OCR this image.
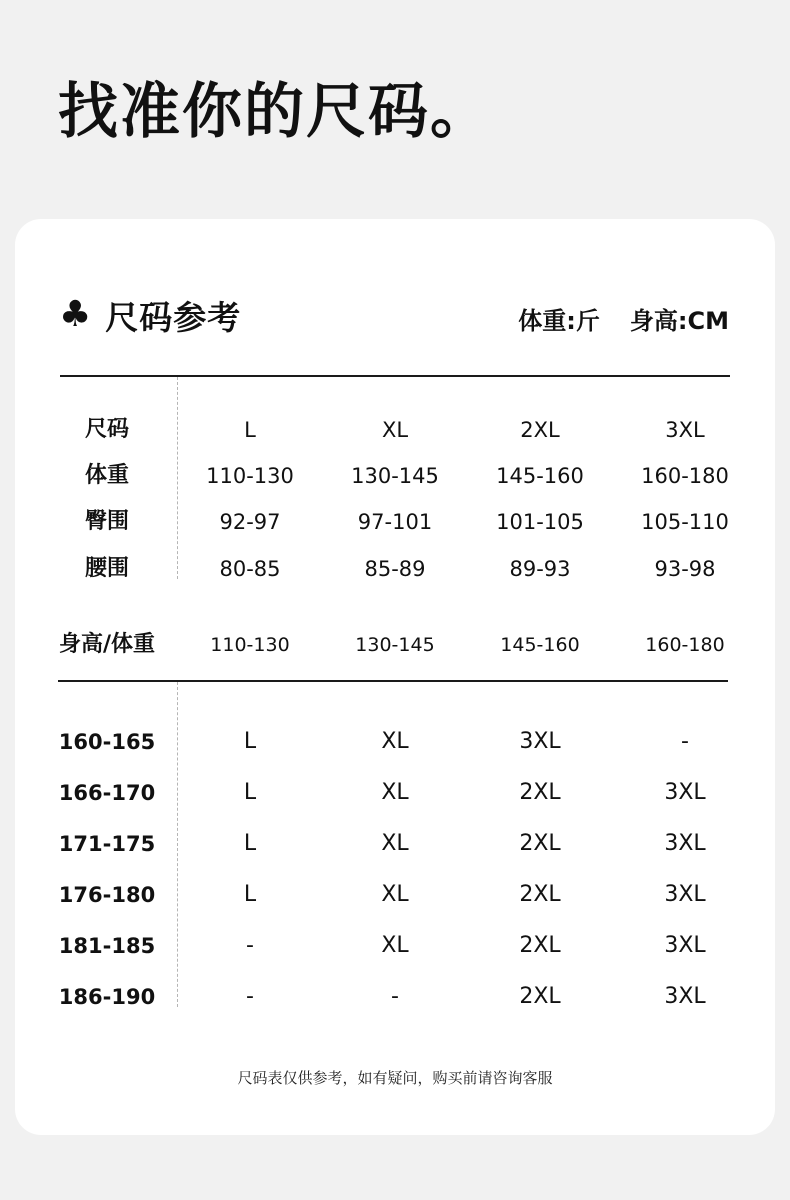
找准你的尺码。
♣ 尺码参考	体重:斤 身高:CM
尺码	L	XL	2XL	3XL
体重	110-130	130-145	145-160	160-180
臀围	92-97	97-101	101-105	105-110
腰围	80-85	85-89	89-93	93-98
身高/体重	110-130	130-145	145-160	160-180
160-165	L	XL	3XL	-
166-170	L	XL	2XL	3XL
171-175	L	XL	2XL	3XL
176-180	L	XL	2XL	3XL
181-185	-	XL	2XL	3XL
186-190	-	-	2XL	3XL
尺码表仅供参考，如有疑问，购买前请咨询客服
